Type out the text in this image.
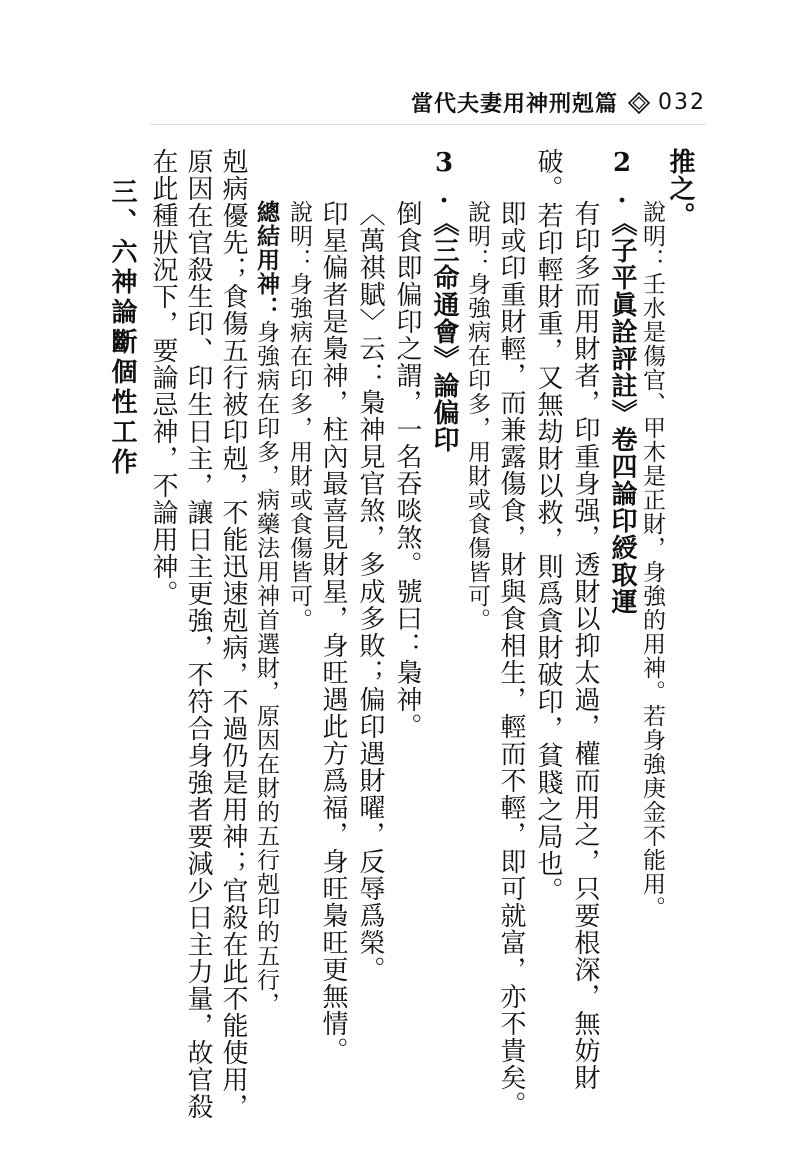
當代夫妻用神刑剋篇 032
推之。
說明：壬水是傷官、甲木是正財，身強的用神。若身強庚金不能用。
2.《子平眞詮評註》卷四論印綬取運
有印多而用財者，印重身强，透財以抑太過，權而用之，只要根深，無妨財
破。若印輕財重，又無劫財以救，則爲貪財破印，貧賤之局也。
即或印重財輕，而兼露傷食，財與食相生，輕而不輕，即可就富，亦不貴矣。
說明：身強病在印多，用財或食傷皆可。
3.《三命通會》論偏印
倒食即偏印之謂，一名吞啖煞。號曰：梟神。
〈萬祺賦〉云：梟神見官煞，多成多敗；偏印遇財曜，反辱爲榮。
印星偏者是梟神，柱內最喜見財星，身旺遇此方爲福，身旺梟旺更無情。
說明：身強病在印多，用財或食傷皆可。
總結用神：身強病在印多，病藥法用神首選財，原因在財的五行剋印的五行，
剋病優先；食傷五行被印剋，不能迅速剋病，不過仍是用神；官殺在此不能使用，
原因在官殺生印、印生日主，讓日主更強，不符合身強者要減少日主力量，故官殺
在此種狀況下，要論忌神，不論用神。
三、六神論斷個性工作
